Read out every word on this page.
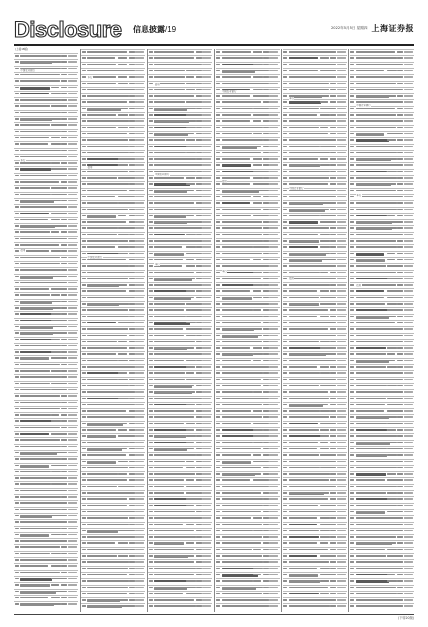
Disclosure 信息披露/19	2022年5月5日 星期四 上海证券报
(上接18版)
中国农业银行
本行
信用
本行
信用
中国农业银行
信用
中国农业银行
本行
中国农业银行
信用
本行
本行
中国农业银行
信用
中国农业银行
本行
信用
(下转20版)
